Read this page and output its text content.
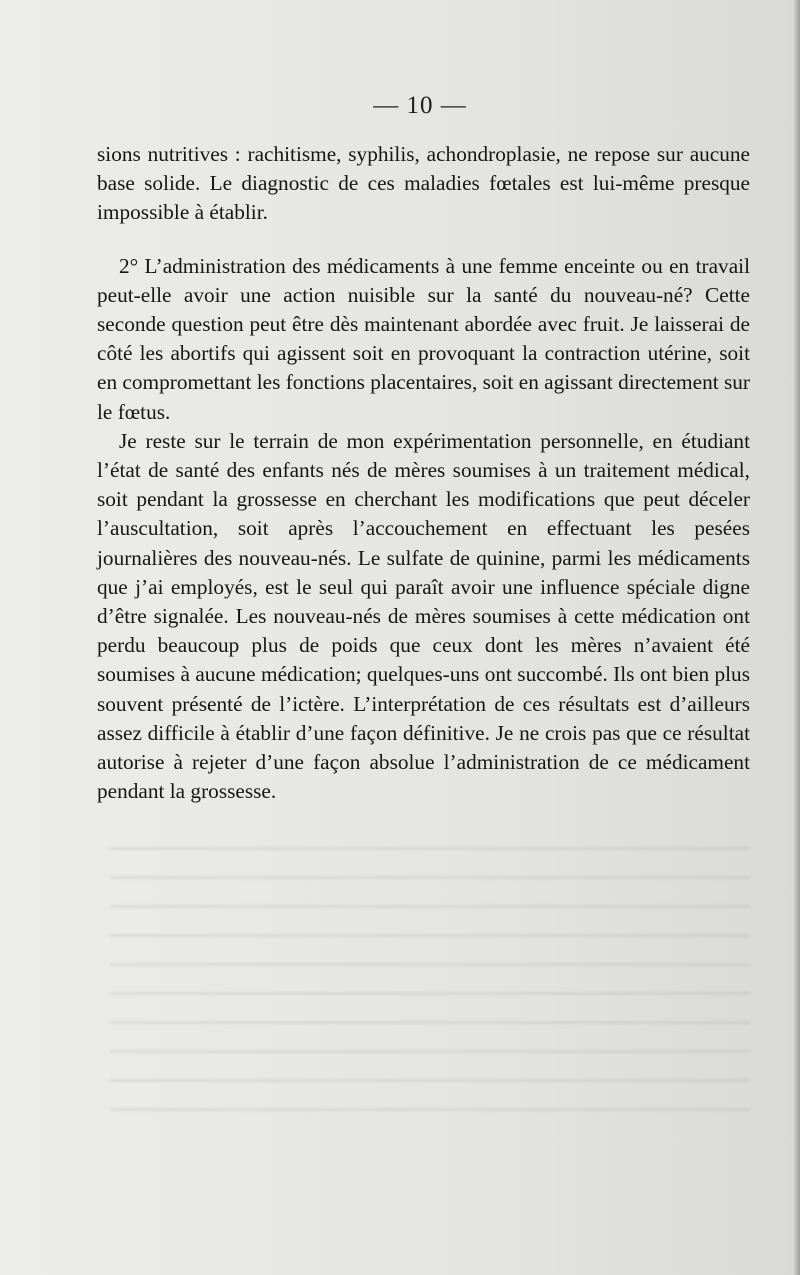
— 10 —

sions nutritives : rachitisme, syphilis, achondroplasie, ne repose sur aucune base solide. Le diagnostic de ces maladies fœtales est lui-même presque impossible à établir.

2° L’administration des médicaments à une femme enceinte ou en travail peut-elle avoir une action nuisible sur la santé du nouveau-né? Cette seconde question peut être dès maintenant abordée avec fruit. Je laisserai de côté les abortifs qui agissent soit en provoquant la contraction utérine, soit en compromettant les fonctions placentaires, soit en agissant directement sur le fœtus.

Je reste sur le terrain de mon expérimentation personnelle, en étudiant l’état de santé des enfants nés de mères soumises à un traitement médical, soit pendant la grossesse en cherchant les modifications que peut déceler l’auscultation, soit après l’accouchement en effectuant les pesées journalières des nouveau-nés. Le sulfate de quinine, parmi les médicaments que j’ai employés, est le seul qui paraît avoir une influence spéciale digne d’être signalée. Les nouveau-nés de mères soumises à cette médication ont perdu beaucoup plus de poids que ceux dont les mères n’avaient été soumises à aucune médication; quelques-uns ont succombé. Ils ont bien plus souvent présenté de l’ictère. L’interprétation de ces résultats est d’ailleurs assez difficile à établir d’une façon définitive. Je ne crois pas que ce résultat autorise à rejeter d’une façon absolue l’administration de ce médicament pendant la grossesse.
